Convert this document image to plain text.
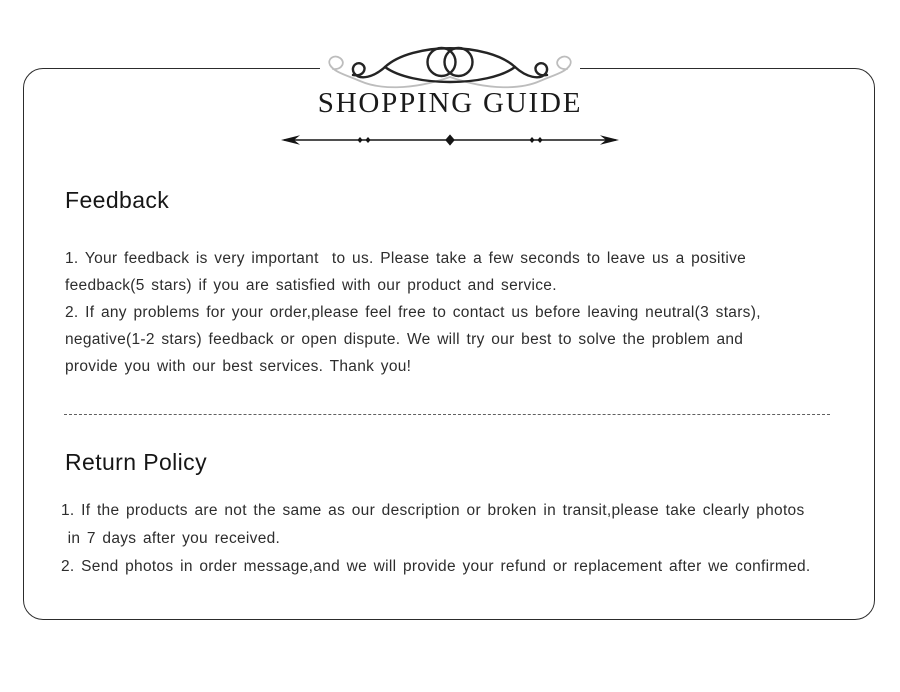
SHOPPING GUIDE
Feedback
1. Your feedback is very important  to us. Please take a few seconds to leave us a positive
feedback(5 stars) if you are satisfied with our product and service.
2. If any problems for your order,please feel free to contact us before leaving neutral(3 stars),
negative(1-2 stars) feedback or open dispute. We will try our best to solve the problem and
provide you with our best services. Thank you!
Return Policy
1. If the products are not the same as our description or broken in transit,please take clearly photos
in 7 days after you received.
2. Send photos in order message,and we will provide your refund or replacement after we confirmed.
